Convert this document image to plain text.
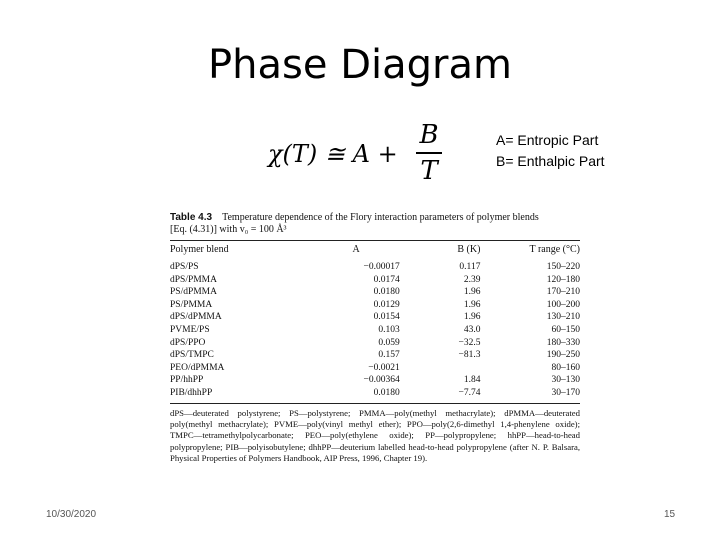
Phase Diagram
χ(T) ≅ A +
B
T
A= Entropic Part
B= Enthalpic Part
Table 4.3 Temperature dependence of the Flory interaction parameters of polymer blends
[Eq. (4.31)] with v₀ = 100 Å³
Polymer blend	A	B (K)	T range (°C)
dPS/PS	−0.00017	0.117	150–220
dPS/PMMA	0.0174	2.39	120–180
PS/dPMMA	0.0180	1.96	170–210
PS/PMMA	0.0129	1.96	100–200
dPS/dPMMA	0.0154	1.96	130–210
PVME/PS	0.103	43.0	60–150
dPS/PPO	0.059	−32.5	180–330
dPS/TMPC	0.157	−81.3	190–250
PEO/dPMMA	−0.0021		80–160
PP/hhPP	−0.00364	1.84	30–130
PIB/dhhPP	0.0180	−7.74	30–170
dPS—deuterated polystyrene; PS—polystyrene; PMMA—poly(methyl methacrylate); dPMMA—deuterated poly(methyl methacrylate); PVME—poly(vinyl methyl ether); PPO—poly(2,6-dimethyl 1,4-phenylene oxide); TMPC—tetramethylpolycarbonate; PEO—poly(ethylene oxide); PP—polypropylene; hhPP—head-to-head polypropylene; PIB—polyisobutylene; dhhPP—deuterium labelled head-to-head polypropylene (after N. P. Balsara, Physical Properties of Polymers Handbook, AIP Press, 1996, Chapter 19).
10/30/2020	15
